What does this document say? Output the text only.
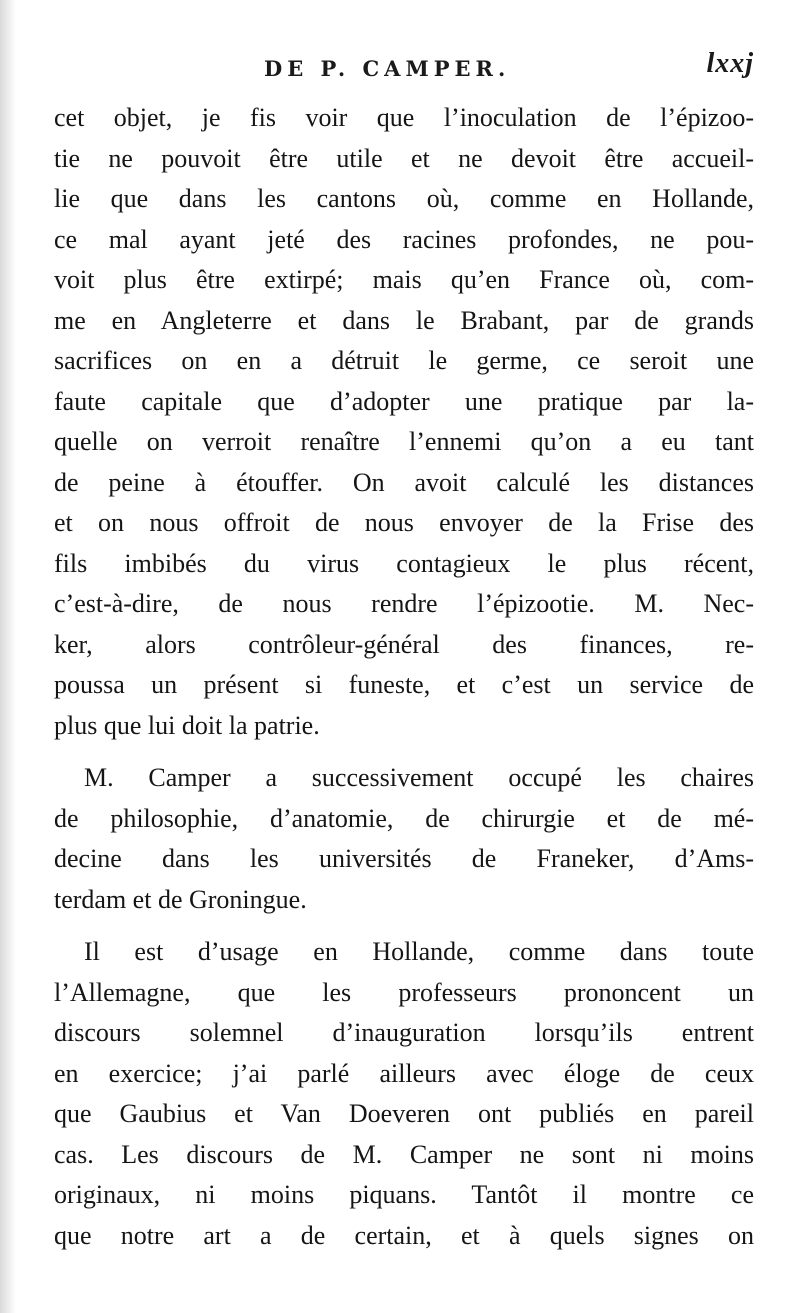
DE P. CAMPER.	lxxj
cet objet, je fis voir que l’inoculation de l’épizoo-
tie ne pouvoit être utile et ne devoit être accueil-
lie que dans les cantons où, comme en Hollande,
ce mal ayant jeté des racines profondes, ne pou-
voit plus être extirpé; mais qu’en France où, com-
me en Angleterre et dans le Brabant, par de grands
sacrifices on en a détruit le germe, ce seroit une
faute capitale que d’adopter une pratique par la-
quelle on verroit renaître l’ennemi qu’on a eu tant
de peine à étouffer. On avoit calculé les distances
et on nous offroit de nous envoyer de la Frise des
fils imbibés du virus contagieux le plus récent,
c’est-à-dire, de nous rendre l’épizootie. M. Nec-
ker, alors contrôleur-général des finances, re-
poussa un présent si funeste, et c’est un service de
plus que lui doit la patrie.
M. Camper a successivement occupé les chaires
de philosophie, d’anatomie, de chirurgie et de mé-
decine dans les universités de Franeker, d’Ams-
terdam et de Groningue.
Il est d’usage en Hollande, comme dans toute
l’Allemagne, que les professeurs prononcent un
discours solemnel d’inauguration lorsqu’ils entrent
en exercice; j’ai parlé ailleurs avec éloge de ceux
que Gaubius et Van Doeveren ont publiés en pareil
cas. Les discours de M. Camper ne sont ni moins
originaux, ni moins piquans. Tantôt il montre ce
que notre art a de certain, et à quels signes on
